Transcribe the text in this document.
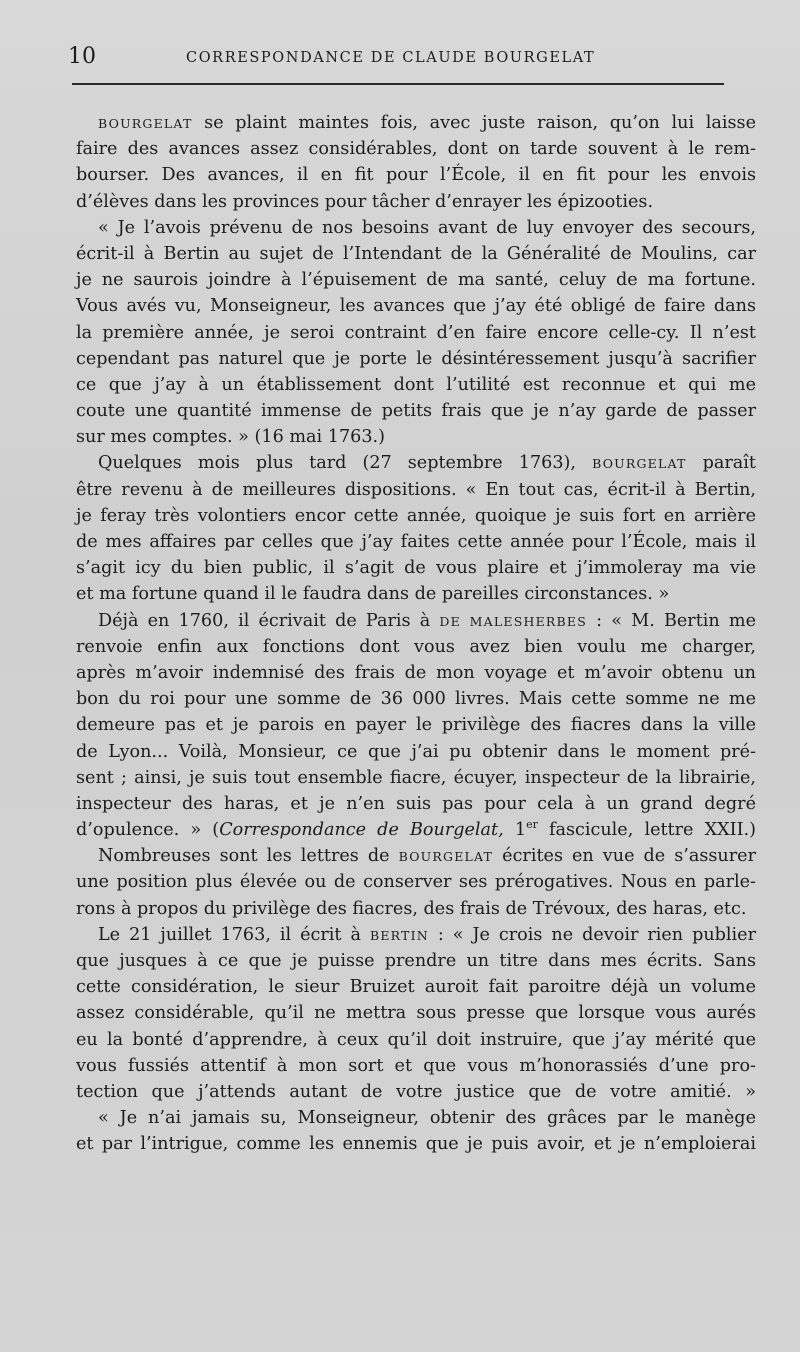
10	CORRESPONDANCE DE CLAUDE BOURGELAT
BOURGELAT se plaint maintes fois, avec juste raison, qu’on lui laisse
faire des avances assez considérables, dont on tarde souvent à le rem-
bourser. Des avances, il en fit pour l’École, il en fit pour les envois
d’élèves dans les provinces pour tâcher d’enrayer les épizooties.
« Je l’avois prévenu de nos besoins avant de luy envoyer des secours,
écrit-il à Bertin au sujet de l’Intendant de la Généralité de Moulins, car
je ne saurois joindre à l’épuisement de ma santé, celuy de ma fortune.
Vous avés vu, Monseigneur, les avances que j’ay été obligé de faire dans
la première année, je seroi contraint d’en faire encore celle-cy. Il n’est
cependant pas naturel que je porte le désintéressement jusqu’à sacrifier
ce que j’ay à un établissement dont l’utilité est reconnue et qui me
coute une quantité immense de petits frais que je n’ay garde de passer
sur mes comptes. » (16 mai 1763.)
Quelques mois plus tard (27 septembre 1763), BOURGELAT paraît
être revenu à de meilleures dispositions. « En tout cas, écrit-il à Bertin,
je feray très volontiers encor cette année, quoique je suis fort en arrière
de mes affaires par celles que j’ay faites cette année pour l’École, mais il
s’agit icy du bien public, il s’agit de vous plaire et j’immoleray ma vie
et ma fortune quand il le faudra dans de pareilles circonstances. »
Déjà en 1760, il écrivait de Paris à DE MALESHERBES : « M. Bertin me
renvoie enfin aux fonctions dont vous avez bien voulu me charger,
après m’avoir indemnisé des frais de mon voyage et m’avoir obtenu un
bon du roi pour une somme de 36 000 livres. Mais cette somme ne me
demeure pas et je parois en payer le privilège des fiacres dans la ville
de Lyon... Voilà, Monsieur, ce que j’ai pu obtenir dans le moment pré-
sent ; ainsi, je suis tout ensemble fiacre, écuyer, inspecteur de la librairie,
inspecteur des haras, et je n’en suis pas pour cela à un grand degré
d’opulence. » (Correspondance de Bourgelat, 1er fascicule, lettre XXII.)
Nombreuses sont les lettres de BOURGELAT écrites en vue de s’assurer
une position plus élevée ou de conserver ses prérogatives. Nous en parle-
rons à propos du privilège des fiacres, des frais de Trévoux, des haras, etc.
Le 21 juillet 1763, il écrit à BERTIN : « Je crois ne devoir rien publier
que jusques à ce que je puisse prendre un titre dans mes écrits. Sans
cette considération, le sieur Bruizet auroit fait paroitre déjà un volume
assez considérable, qu’il ne mettra sous presse que lorsque vous aurés
eu la bonté d’apprendre, à ceux qu’il doit instruire, que j’ay mérité que
vous fussiés attentif à mon sort et que vous m’honorassiés d’une pro-
tection que j’attends autant de votre justice que de votre amitié. »
« Je n’ai jamais su, Monseigneur, obtenir des grâces par le manège
et par l’intrigue, comme les ennemis que je puis avoir, et je n’emploierai
